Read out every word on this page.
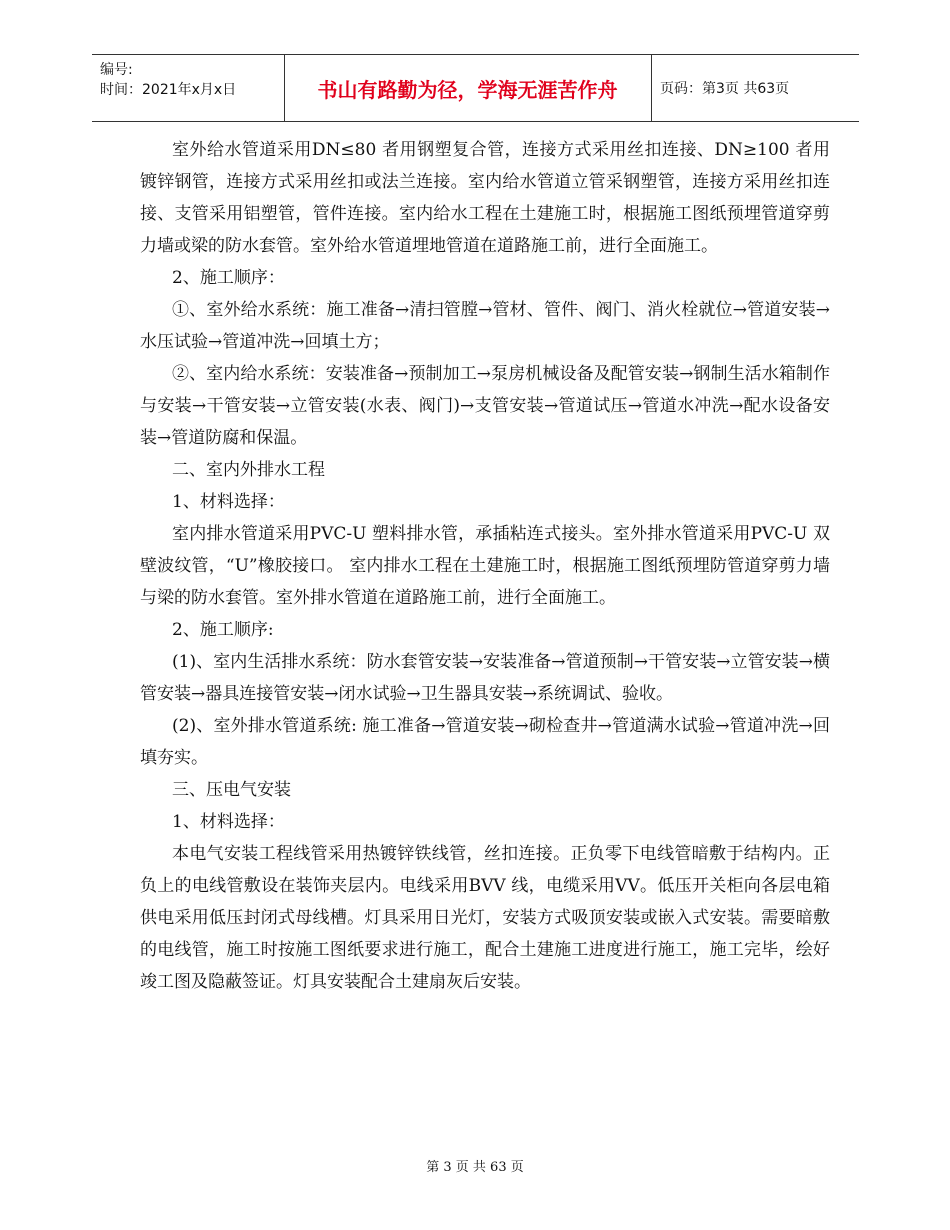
编号:
时间：2021年x月x日	书山有路勤为径，学海无涯苦作舟	页码：第3页 共63页

室外给水管道采用DN≤80 者用钢塑复合管，连接方式采用丝扣连接、DN≥100 者用镀锌钢管，连接方式采用丝扣或法兰连接。室内给水管道立管采钢塑管，连接方采用丝扣连接、支管采用铝塑管，管件连接。室内给水工程在土建施工时，根据施工图纸预埋管道穿剪力墙或梁的防水套管。室外给水管道埋地管道在道路施工前，进行全面施工。

2、施工顺序：

①、室外给水系统：施工准备→清扫管膛→管材、管件、阀门、消火栓就位→管道安装→水压试验→管道冲洗→回填土方；

②、室内给水系统：安装准备→预制加工→泵房机械设备及配管安装→钢制生活水箱制作与安装→干管安装→立管安装(水表、阀门)→支管安装→管道试压→管道水冲洗→配水设备安装→管道防腐和保温。

二、室内外排水工程

1、材料选择：

室内排水管道采用PVC-U 塑料排水管，承插粘连式接头。室外排水管道采用PVC-U 双壁波纹管，“U”橡胶接口。 室内排水工程在土建施工时，根据施工图纸预埋防管道穿剪力墙与梁的防水套管。室外排水管道在道路施工前，进行全面施工。

2、施工顺序:

(1)、室内生活排水系统：防水套管安装→安装准备→管道预制→干管安装→立管安装→横管安装→器具连接管安装→闭水试验→卫生器具安装→系统调试、验收。

(2)、室外排水管道系统: 施工准备→管道安装→砌检查井→管道满水试验→管道冲洗→回填夯实。

三、压电气安装

1、材料选择：

本电气安装工程线管采用热镀锌铁线管，丝扣连接。正负零下电线管暗敷于结构内。正负上的电线管敷设在装饰夹层内。电线采用BVV 线，电缆采用VV。低压开关柜向各层电箱供电采用低压封闭式母线槽。灯具采用日光灯，安装方式吸顶安装或嵌入式安装。需要暗敷的电线管，施工时按施工图纸要求进行施工，配合土建施工进度进行施工，施工完毕，绘好竣工图及隐蔽签证。灯具安装配合土建扇灰后安装。

第 3 页 共 63 页
